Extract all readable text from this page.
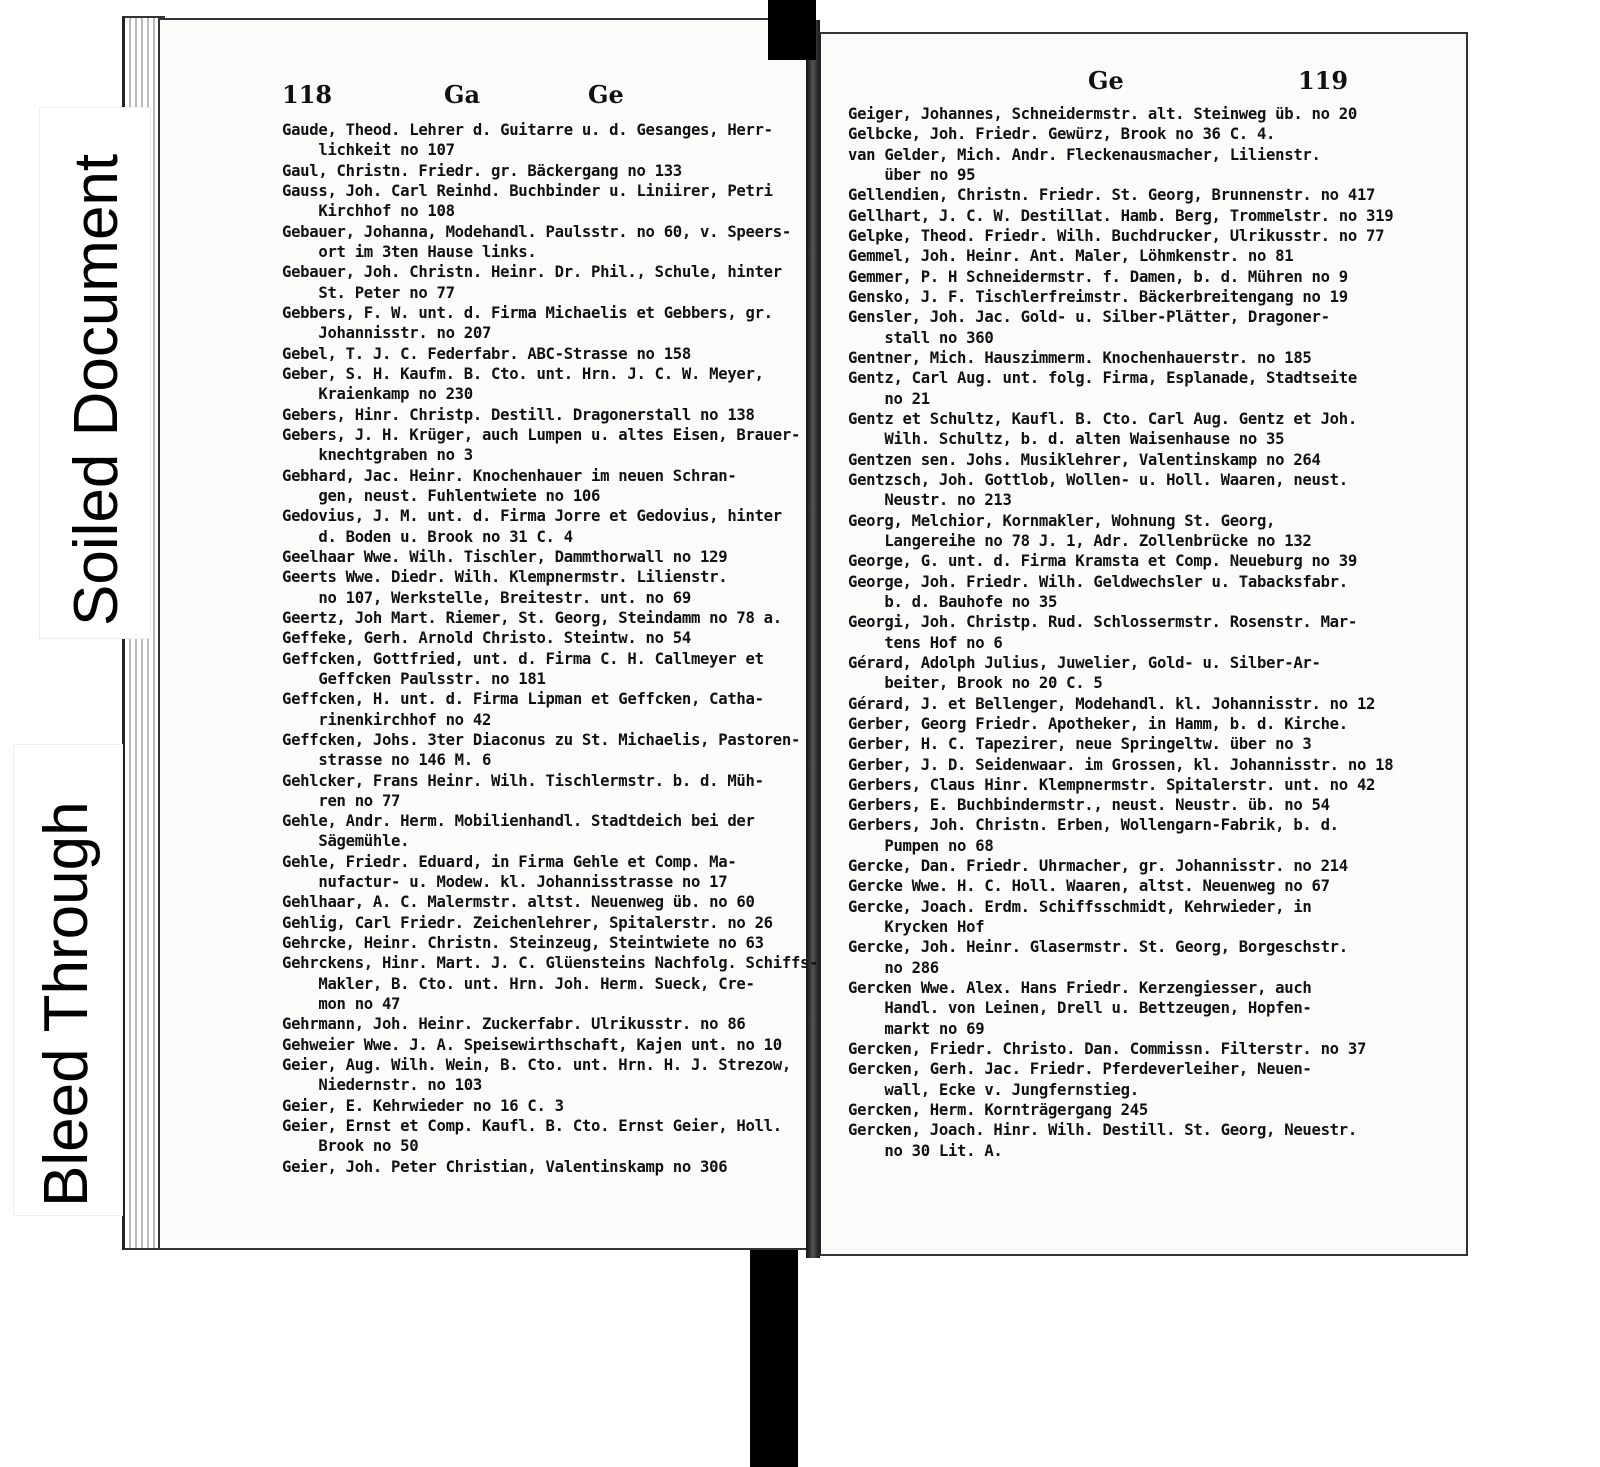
118	Ga	Ge	Ge	119
Gaude, Theod. Lehrer d. Guitarre u. d. Gesanges, Herr-
lichkeit no 107
Gaul, Christn. Friedr. gr. Bäckergang no 133
Gauss, Joh. Carl Reinhd. Buchbinder u. Liniirer, Petri
Kirchhof no 108
Gebauer, Johanna, Modehandl. Paulsstr. no 60, v. Speers-
ort im 3ten Hause links.
Gebauer, Joh. Christn. Heinr. Dr. Phil., Schule, hinter
St. Peter no 77
Gebbers, F. W. unt. d. Firma Michaelis et Gebbers, gr.
Johannisstr. no 207
Gebel, T. J. C. Federfabr. ABC-Strasse no 158
Geber, S. H. Kaufm. B. Cto. unt. Hrn. J. C. W. Meyer,
Kraienkamp no 230
Gebers, Hinr. Christp. Destill. Dragonerstall no 138
Gebers, J. H. Krüger, auch Lumpen u. altes Eisen, Brauer-
knechtgraben no 3
Gebhard, Jac. Heinr. Knochenhauer im neuen Schran-
gen, neust. Fuhlentwiete no 106
Gedovius, J. M. unt. d. Firma Jorre et Gedovius, hinter
d. Boden u. Brook no 31 C. 4
Geelhaar Wwe. Wilh. Tischler, Dammthorwall no 129
Geerts Wwe. Diedr. Wilh. Klempnermstr. Lilienstr.
no 107, Werkstelle, Breitestr. unt. no 69
Geertz, Joh Mart. Riemer, St. Georg, Steindamm no 78 a.
Geffeke, Gerh. Arnold Christo. Steintw. no 54
Geffcken, Gottfried, unt. d. Firma C. H. Callmeyer et
Geffcken Paulsstr. no 181
Geffcken, H. unt. d. Firma Lipman et Geffcken, Catha-
rinenkirchhof no 42
Geffcken, Johs. 3ter Diaconus zu St. Michaelis, Pastoren-
strasse no 146 M. 6
Gehlcker, Frans Heinr. Wilh. Tischlermstr. b. d. Müh-
ren no 77
Gehle, Andr. Herm. Mobilienhandl. Stadtdeich bei der
Sägemühle.
Gehle, Friedr. Eduard, in Firma Gehle et Comp. Ma-
nufactur- u. Modew. kl. Johannisstrasse no 17
Gehlhaar, A. C. Malermstr. altst. Neuenweg üb. no 60
Gehlig, Carl Friedr. Zeichenlehrer, Spitalerstr. no 26
Gehrcke, Heinr. Christn. Steinzeug, Steintwiete no 63
Gehrckens, Hinr. Mart. J. C. Glüensteins Nachfolg. Schiffs-
Makler, B. Cto. unt. Hrn. Joh. Herm. Sueck, Cre-
mon no 47
Gehrmann, Joh. Heinr. Zuckerfabr. Ulrikusstr. no 86
Gehweier Wwe. J. A. Speisewirthschaft, Kajen unt. no 10
Geier, Aug. Wilh. Wein, B. Cto. unt. Hrn. H. J. Strezow,
Niedernstr. no 103
Geier, E. Kehrwieder no 16 C. 3
Geier, Ernst et Comp. Kaufl. B. Cto. Ernst Geier, Holl.
Brook no 50
Geier, Joh. Peter Christian, Valentinskamp no 306
Geiger, Johannes, Schneidermstr. alt. Steinweg üb. no 20
Gelbcke, Joh. Friedr. Gewürz, Brook no 36 C. 4.
van Gelder, Mich. Andr. Fleckenausmacher, Lilienstr.
über no 95
Gellendien, Christn. Friedr. St. Georg, Brunnenstr. no 417
Gellhart, J. C. W. Destillat. Hamb. Berg, Trommelstr. no 319
Gelpke, Theod. Friedr. Wilh. Buchdrucker, Ulrikusstr. no 77
Gemmel, Joh. Heinr. Ant. Maler, Löhmkenstr. no 81
Gemmer, P. H Schneidermstr. f. Damen, b. d. Mühren no 9
Gensko, J. F. Tischlerfreimstr. Bäckerbreitengang no 19
Gensler, Joh. Jac. Gold- u. Silber-Plätter, Dragoner-
stall no 360
Gentner, Mich. Hauszimmerm. Knochenhauerstr. no 185
Gentz, Carl Aug. unt. folg. Firma, Esplanade, Stadtseite
no 21
Gentz et Schultz, Kaufl. B. Cto. Carl Aug. Gentz et Joh.
Wilh. Schultz, b. d. alten Waisenhause no 35
Gentzen sen. Johs. Musiklehrer, Valentinskamp no 264
Gentzsch, Joh. Gottlob, Wollen- u. Holl. Waaren, neust.
Neustr. no 213
Georg, Melchior, Kornmakler, Wohnung St. Georg,
Langereihe no 78 J. 1, Adr. Zollenbrücke no 132
George, G. unt. d. Firma Kramsta et Comp. Neueburg no 39
George, Joh. Friedr. Wilh. Geldwechsler u. Tabacksfabr.
b. d. Bauhofe no 35
Georgi, Joh. Christp. Rud. Schlossermstr. Rosenstr. Mar-
tens Hof no 6
Gérard, Adolph Julius, Juwelier, Gold- u. Silber-Ar-
beiter, Brook no 20 C. 5
Gérard, J. et Bellenger, Modehandl. kl. Johannisstr. no 12
Gerber, Georg Friedr. Apotheker, in Hamm, b. d. Kirche.
Gerber, H. C. Tapezirer, neue Springeltw. über no 3
Gerber, J. D. Seidenwaar. im Grossen, kl. Johannisstr. no 18
Gerbers, Claus Hinr. Klempnermstr. Spitalerstr. unt. no 42
Gerbers, E. Buchbindermstr., neust. Neustr. üb. no 54
Gerbers, Joh. Christn. Erben, Wollengarn-Fabrik, b. d.
Pumpen no 68
Gercke, Dan. Friedr. Uhrmacher, gr. Johannisstr. no 214
Gercke Wwe. H. C. Holl. Waaren, altst. Neuenweg no 67
Gercke, Joach. Erdm. Schiffsschmidt, Kehrwieder, in
Krycken Hof
Gercke, Joh. Heinr. Glasermstr. St. Georg, Borgeschstr.
no 286
Gercken Wwe. Alex. Hans Friedr. Kerzengiesser, auch
Handl. von Leinen, Drell u. Bettzeugen, Hopfen-
markt no 69
Gercken, Friedr. Christo. Dan. Commissn. Filterstr. no 37
Gercken, Gerh. Jac. Friedr. Pferdeverleiher, Neuen-
wall, Ecke v. Jungfernstieg.
Gercken, Herm. Kornträgergang 245
Gercken, Joach. Hinr. Wilh. Destill. St. Georg, Neuestr.
no 30 Lit. A.
Soiled Document
Bleed Through
